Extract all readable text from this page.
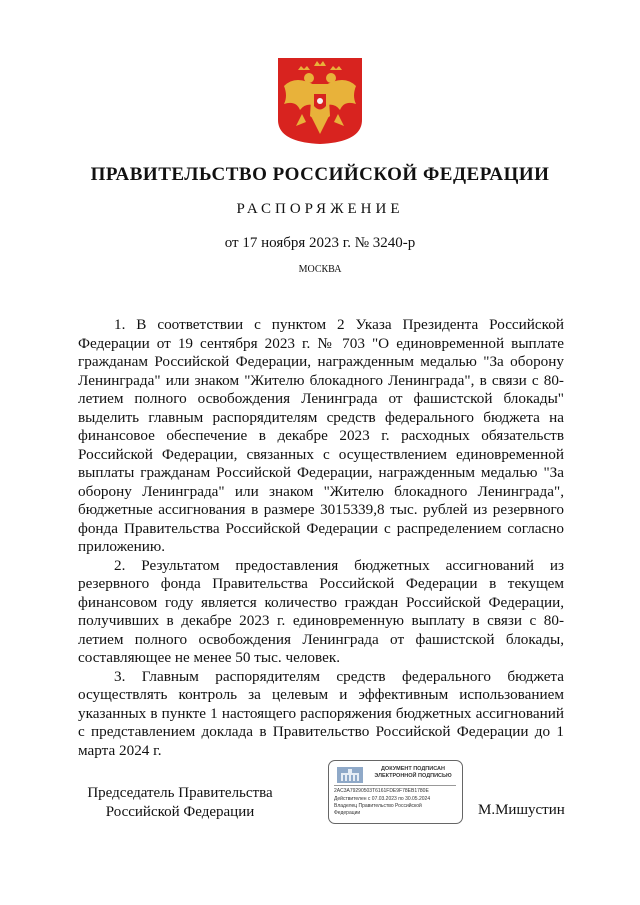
ПРАВИТЕЛЬСТВО РОССИЙСКОЙ ФЕДЕРАЦИИ
РАСПОРЯЖЕНИЕ
от 17 ноября 2023 г. № 3240-р
МОСКВА

1. В соответствии с пунктом 2 Указа Президента Российской Федерации от 19 сентября 2023 г. № 703 "О единовременной выплате гражданам Российской Федерации, награжденным медалью "За оборону Ленинграда" или знаком "Жителю блокадного Ленинграда", в связи с 80-летием полного освобождения Ленинграда от фашистской блокады" выделить главным распорядителям средств федерального бюджета на финансовое обеспечение в декабре 2023 г. расходных обязательств Российской Федерации, связанных с осуществлением единовременной выплаты гражданам Российской Федерации, награжденным медалью "За оборону Ленинграда" или знаком "Жителю блокадного Ленинграда", бюджетные ассигнования в размере 3015339,8 тыс. рублей из резервного фонда Правительства Российской Федерации с распределением согласно приложению.

2. Результатом предоставления бюджетных ассигнований из резервного фонда Правительства Российской Федерации в текущем финансовом году является количество граждан Российской Федерации, получивших в декабре 2023 г. единовременную выплату в связи с 80-летием полного освобождения Ленинграда от фашистской блокады, составляющее не менее 50 тыс. человек.

3. Главным распорядителям средств федерального бюджета осуществлять контроль за целевым и эффективным использованием указанных в пункте 1 настоящего распоряжения бюджетных ассигнований с представлением доклада в Правительство Российской Федерации до 1 марта 2024 г.

Председатель Правительства
Российской Федерации
ДОКУМЕНТ ПОДПИСАН
ЭЛЕКТРОННОЙ ПОДПИСЬЮ
2AC3A79290503T6161FDE9F78EB1780E
Действителен с 07.03.2023 по 30.05.2024
Владелец Правительство Российской
Федерации	М.Мишустин
